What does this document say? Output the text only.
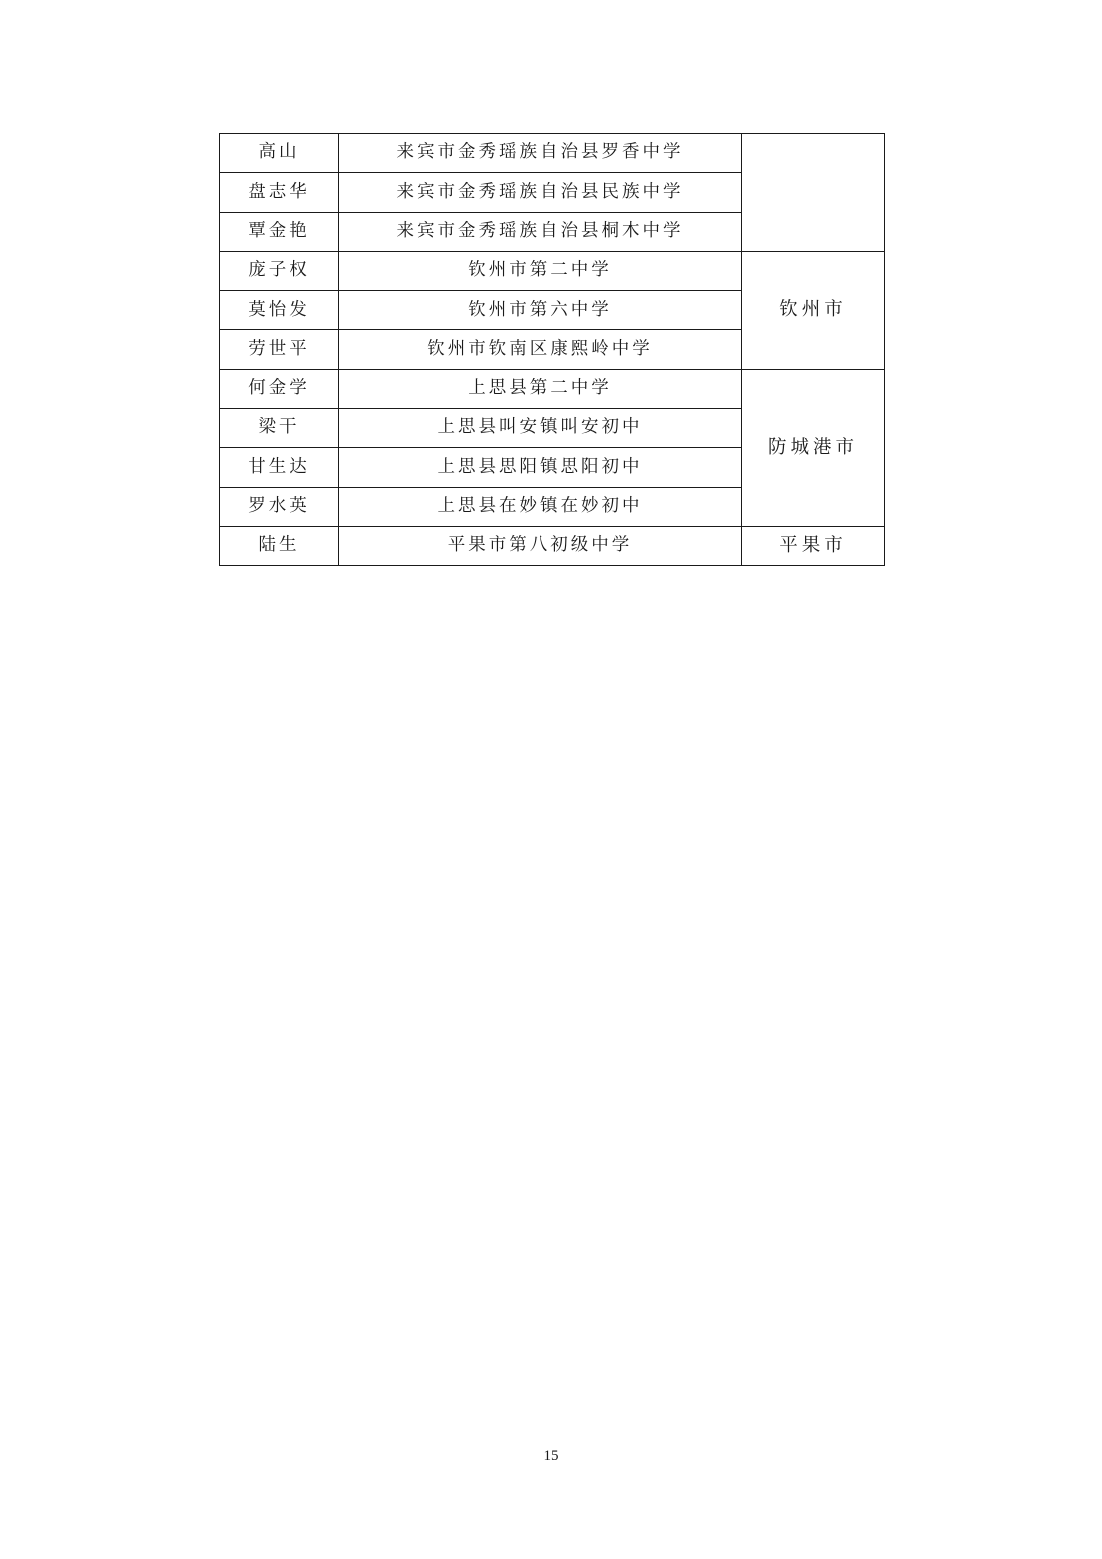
高山	来宾市金秀瑶族自治县罗香中学	
盘志华	来宾市金秀瑶族自治县民族中学	
覃金艳	来宾市金秀瑶族自治县桐木中学	
庞子权	钦州市第二中学	钦州市
莫怡发	钦州市第六中学	
劳世平	钦州市钦南区康熙岭中学	
何金学	上思县第二中学	防城港市
梁干	上思县叫安镇叫安初中	
甘生达	上思县思阳镇思阳初中	
罗水英	上思县在妙镇在妙初中	
陆生	平果市第八初级中学	平果市
15
